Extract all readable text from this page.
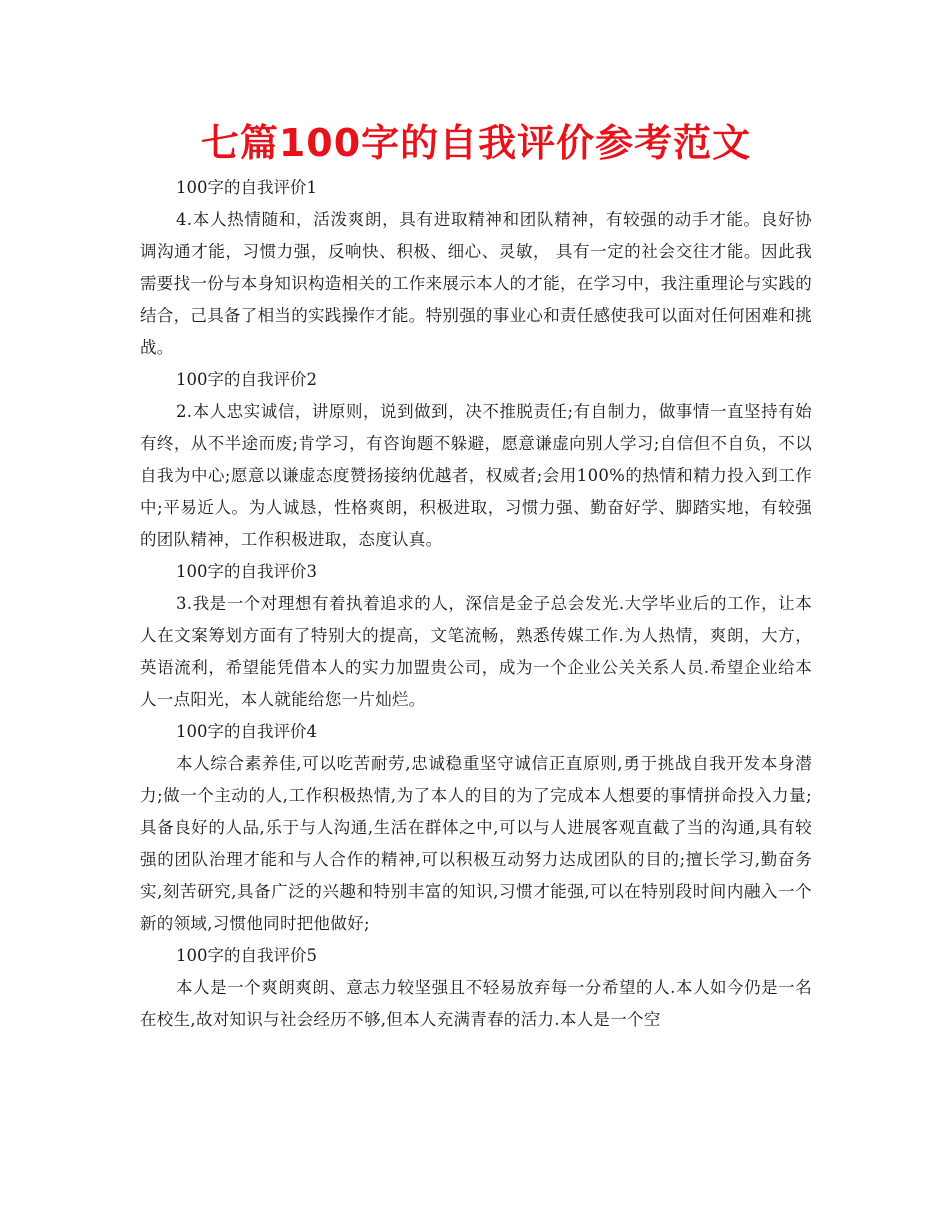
七篇100字的自我评价参考范文

100字的自我评价1

4.本人热情随和，活泼爽朗，具有进取精神和团队精神，有较强的动手才能。良好协调沟通才能，习惯力强，反响快、积极、细心、灵敏， 具有一定的社会交往才能。因此我需要找一份与本身知识构造相关的工作来展示本人的才能，在学习中，我注重理论与实践的结合，己具备了相当的实践操作才能。特别强的事业心和责任感使我可以面对任何困难和挑战。

100字的自我评价2

2.本人忠实诚信，讲原则，说到做到，决不推脱责任;有自制力，做事情一直坚持有始有终，从不半途而废;肯学习，有咨询题不躲避，愿意谦虚向别人学习;自信但不自负，不以自我为中心;愿意以谦虚态度赞扬接纳优越者，权威者;会用100%的热情和精力投入到工作中;平易近人。为人诚恳，性格爽朗，积极进取，习惯力强、勤奋好学、脚踏实地，有较强的团队精神，工作积极进取，态度认真。

100字的自我评价3

3.我是一个对理想有着执着追求的人，深信是金子总会发光.大学毕业后的工作，让本人在文案筹划方面有了特别大的提高，文笔流畅，熟悉传媒工作.为人热情，爽朗，大方，英语流利，希望能凭借本人的实力加盟贵公司，成为一个企业公关关系人员.希望企业给本人一点阳光，本人就能给您一片灿烂。

100字的自我评价4

本人综合素养佳,可以吃苦耐劳,忠诚稳重坚守诚信正直原则,勇于挑战自我开发本身潜力;做一个主动的人,工作积极热情,为了本人的目的为了完成本人想要的事情拼命投入力量;具备良好的人品,乐于与人沟通,生活在群体之中,可以与人进展客观直截了当的沟通,具有较强的团队治理才能和与人合作的精神,可以积极互动努力达成团队的目的;擅长学习,勤奋务实,刻苦研究,具备广泛的兴趣和特别丰富的知识,习惯才能强,可以在特别段时间内融入一个新的领域,习惯他同时把他做好;

100字的自我评价5

本人是一个爽朗爽朗、意志力较坚强且不轻易放弃每一分希望的人.本人如今仍是一名在校生,故对知识与社会经历不够,但本人充满青春的活力.本人是一个空
